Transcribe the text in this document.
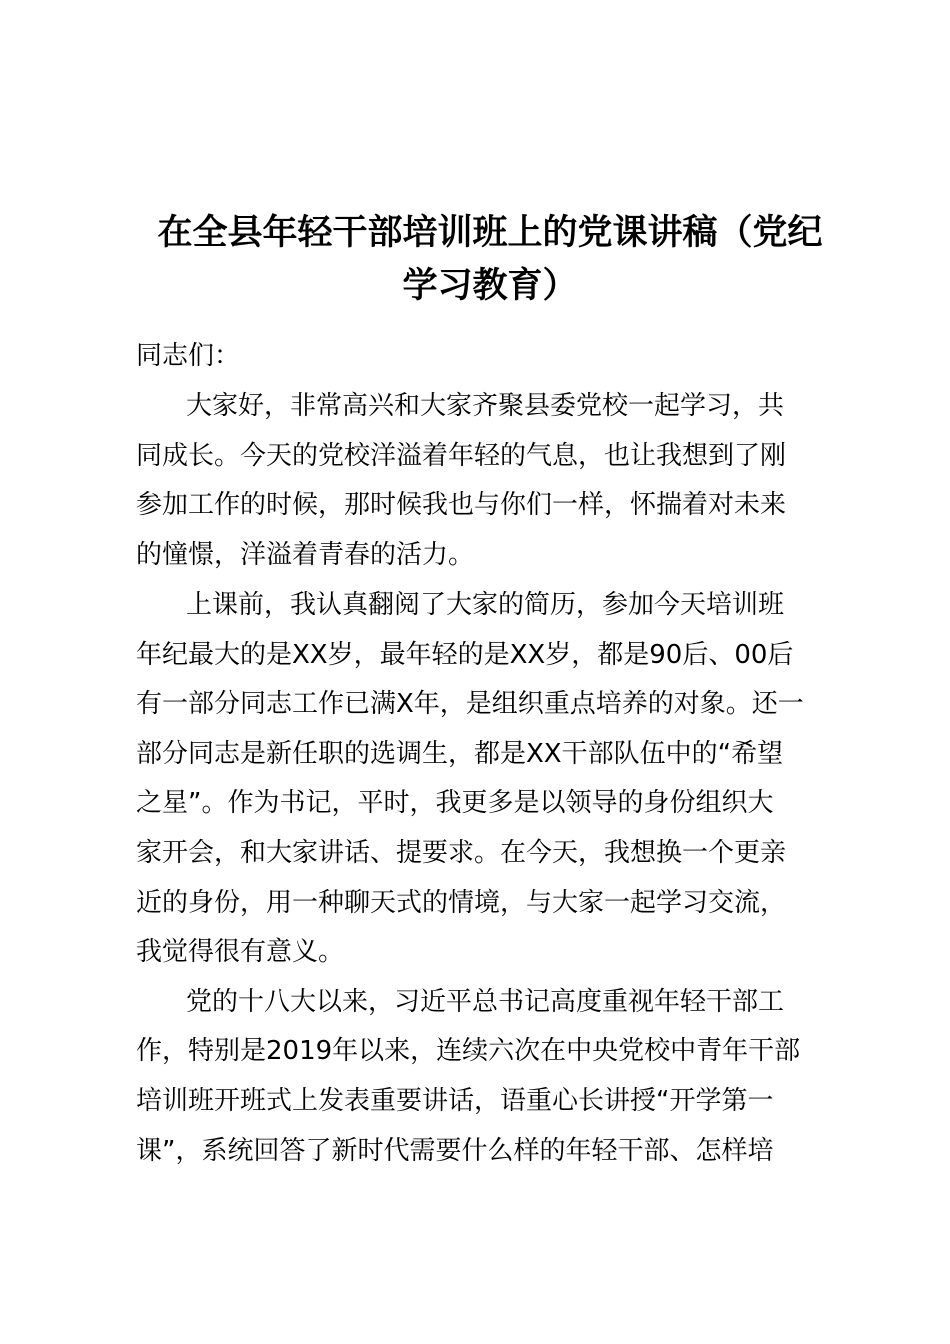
在全县年轻干部培训班上的党课讲稿（党纪
学习教育）

同志们：

大家好，非常高兴和大家齐聚县委党校一起学习，共

同成长。今天的党校洋溢着年轻的气息，也让我想到了刚

参加工作的时候，那时候我也与你们一样，怀揣着对未来

的憧憬，洋溢着青春的活力。

上课前，我认真翻阅了大家的简历，参加今天培训班

年纪最大的是XX岁，最年轻的是XX岁，都是90后、00后

有一部分同志工作已满X年，是组织重点培养的对象。还一

部分同志是新任职的选调生，都是XX干部队伍中的“希望

之星”。作为书记，平时，我更多是以领导的身份组织大

家开会，和大家讲话、提要求。在今天，我想换一个更亲

近的身份，用一种聊天式的情境，与大家一起学习交流，

我觉得很有意义。

党的十八大以来，习近平总书记高度重视年轻干部工

作，特别是2019年以来，连续六次在中央党校中青年干部

培训班开班式上发表重要讲话，语重心长讲授“开学第一

课”，系统回答了新时代需要什么样的年轻干部、怎样培
